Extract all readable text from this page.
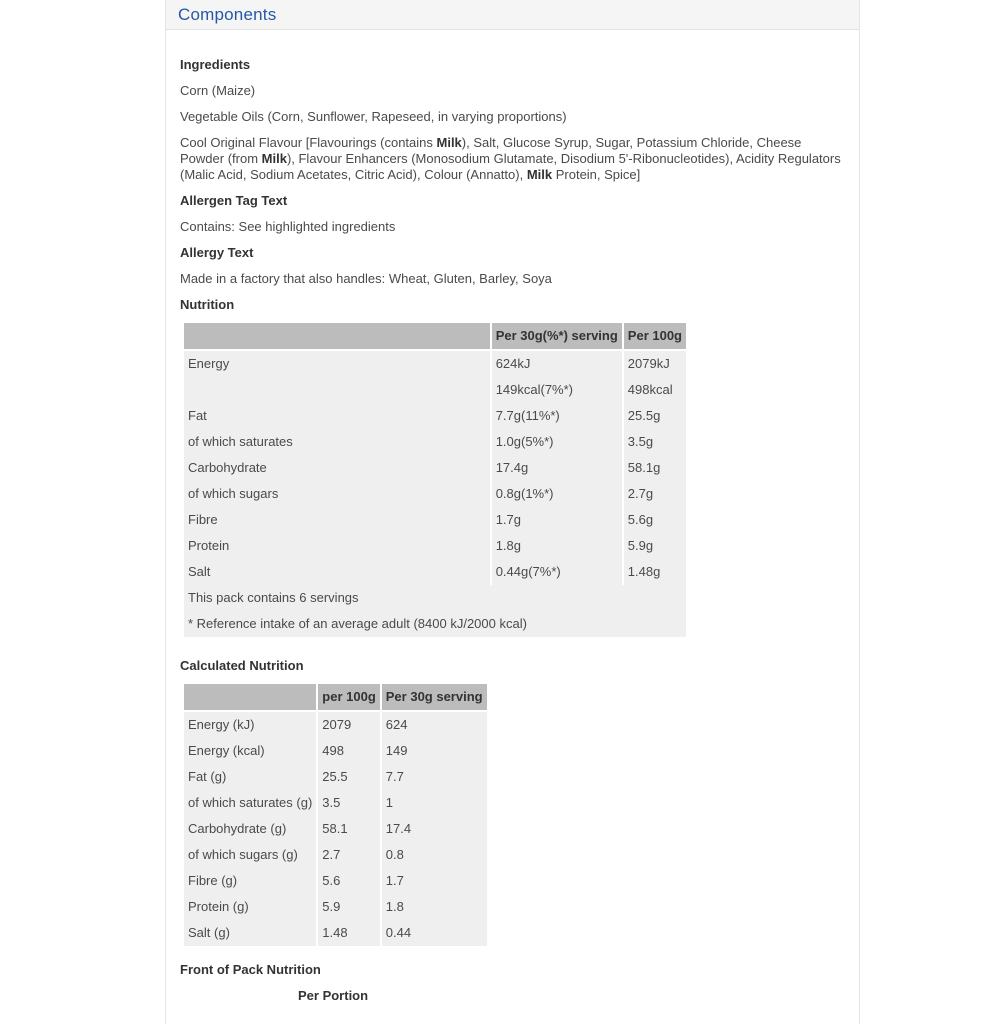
Components
Ingredients

Corn (Maize)

Vegetable Oils (Corn, Sunflower, Rapeseed, in varying proportions)

Cool Original Flavour [Flavourings (contains Milk), Salt, Glucose Syrup, Sugar, Potassium Chloride, Cheese Powder (from Milk), Flavour Enhancers (Monosodium Glutamate, Disodium 5'-Ribonucleotides), Acidity Regulators (Malic Acid, Sodium Acetates, Citric Acid), Colour (Annatto), Milk Protein, Spice]

Allergen Tag Text

Contains: See highlighted ingredients

Allergy Text

Made in a factory that also handles: Wheat, Gluten, Barley, Soya

Nutrition
	Per 30g(%*) serving	Per 100g
Energy	624kJ	2079kJ
	149kcal(7%*)	498kcal
Fat	7.7g(11%*)	25.5g
of which saturates	1.0g(5%*)	3.5g
Carbohydrate	17.4g	58.1g
of which sugars	0.8g(1%*)	2.7g
Fibre	1.7g	5.6g
Protein	1.8g	5.9g
Salt	0.44g(7%*)	1.48g
This pack contains 6 servings		
* Reference intake of an average adult (8400 kJ/2000 kcal)		
Calculated Nutrition
	per 100g	Per 30g serving
Energy (kJ)	2079	624
Energy (kcal)	498	149
Fat (g)	25.5	7.7
of which saturates (g)	3.5	1
Carbohydrate (g)	58.1	17.4
of which sugars (g)	2.7	0.8
Fibre (g)	5.6	1.7
Protein (g)	5.9	1.8
Salt (g)	1.48	0.44
Front of Pack Nutrition
Per Portion
